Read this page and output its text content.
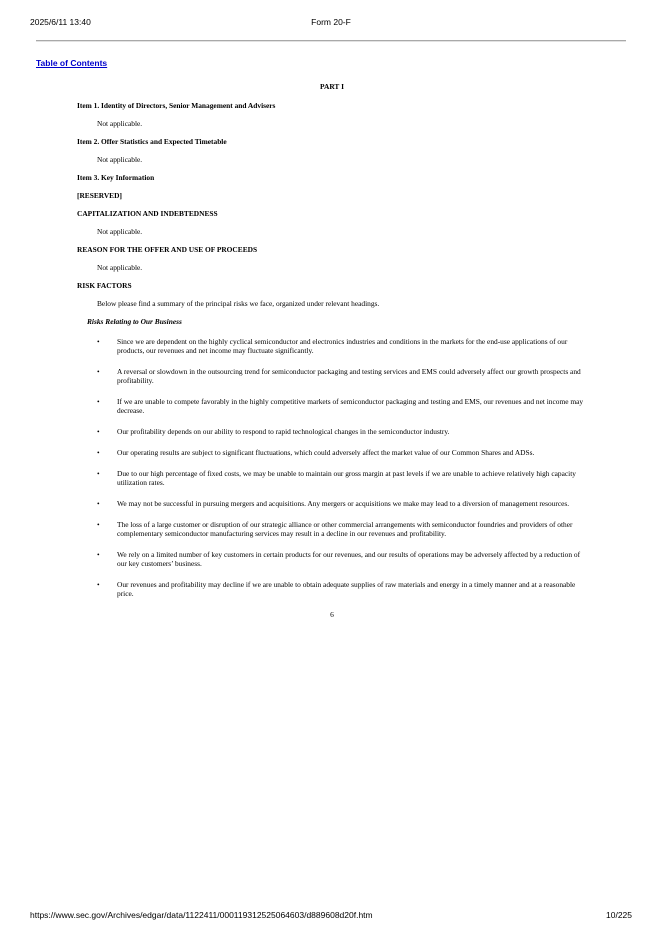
2025/6/11 13:40	Form 20-F
Table of Contents
PART I
Item 1. Identity of Directors, Senior Management and Advisers
Not applicable.
Item 2. Offer Statistics and Expected Timetable
Not applicable.
Item 3. Key Information
[RESERVED]
CAPITALIZATION AND INDEBTEDNESS
Not applicable.
REASON FOR THE OFFER AND USE OF PROCEEDS
Not applicable.
RISK FACTORS
Below please find a summary of the principal risks we face, organized under relevant headings.
Risks Relating to Our Business
• Since we are dependent on the highly cyclical semiconductor and electronics industries and conditions in the markets for the end-use applications of our products, our revenues and net income may fluctuate significantly.
• A reversal or slowdown in the outsourcing trend for semiconductor packaging and testing services and EMS could adversely affect our growth prospects and profitability.
• If we are unable to compete favorably in the highly competitive markets of semiconductor packaging and testing and EMS, our revenues and net income may decrease.
• Our profitability depends on our ability to respond to rapid technological changes in the semiconductor industry.
• Our operating results are subject to significant fluctuations, which could adversely affect the market value of our Common Shares and ADSs.
• Due to our high percentage of fixed costs, we may be unable to maintain our gross margin at past levels if we are unable to achieve relatively high capacity utilization rates.
• We may not be successful in pursuing mergers and acquisitions. Any mergers or acquisitions we make may lead to a diversion of management resources.
• The loss of a large customer or disruption of our strategic alliance or other commercial arrangements with semiconductor foundries and providers of other complementary semiconductor manufacturing services may result in a decline in our revenues and profitability.
• We rely on a limited number of key customers in certain products for our revenues, and our results of operations may be adversely affected by a reduction of our key customers’ business.
• Our revenues and profitability may decline if we are unable to obtain adequate supplies of raw materials and energy in a timely manner and at a reasonable price.
6
https://www.sec.gov/Archives/edgar/data/1122411/000119312525064603/d889608d20f.htm	10/225
